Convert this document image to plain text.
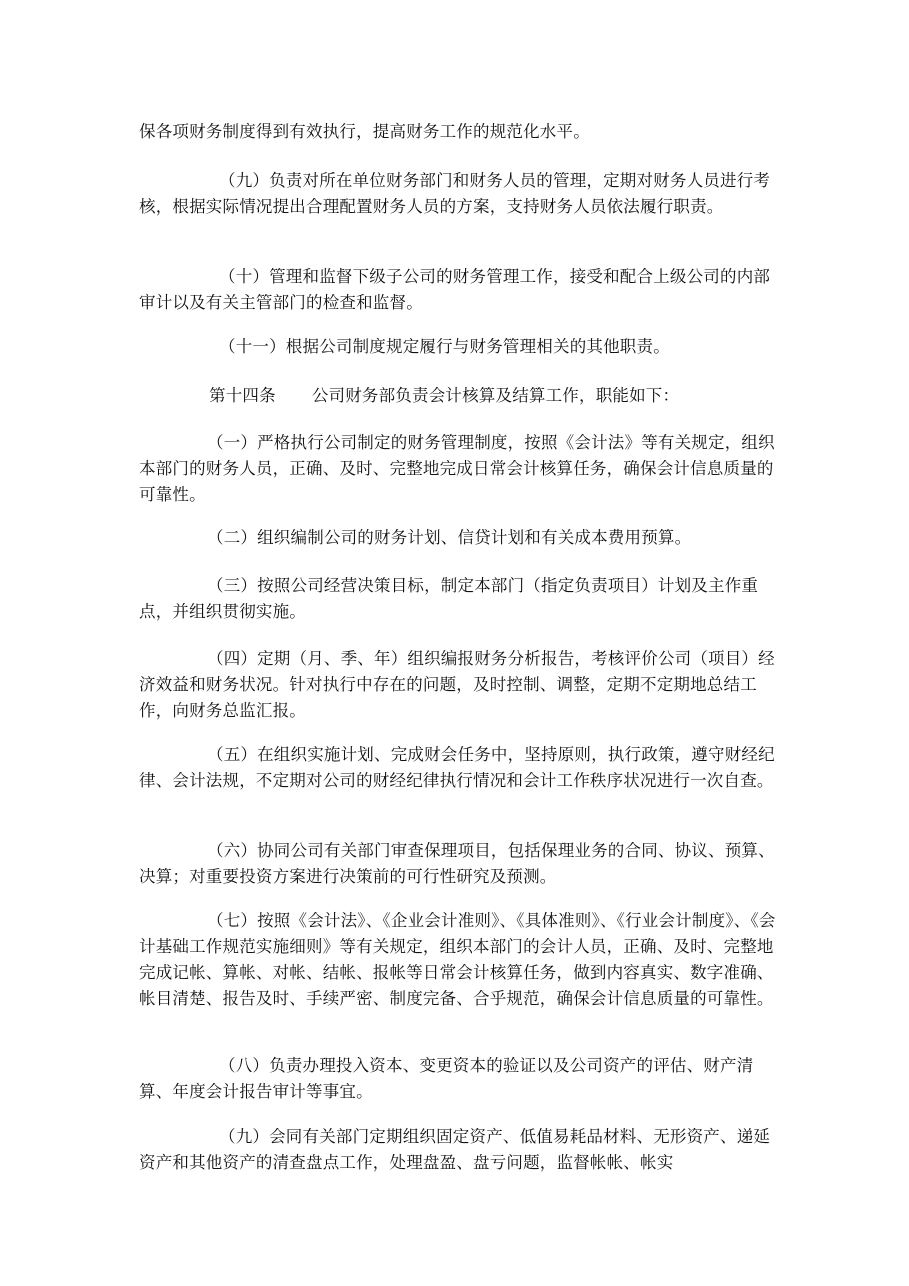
保各项财务制度得到有效执行，提高财务工作的规范化水平。

（九）负责对所在单位财务部门和财务人员的管理，定期对财务人员进行考核，根据实际情况提出合理配置财务人员的方案，支持财务人员依法履行职责。

（十）管理和监督下级子公司的财务管理工作，接受和配合上级公司的内部审计以及有关主管部门的检查和监督。

（十一）根据公司制度规定履行与财务管理相关的其他职责。

第十四条 公司财务部负责会计核算及结算工作，职能如下：

（一）严格执行公司制定的财务管理制度，按照《会计法》等有关规定，组织本部门的财务人员，正确、及时、完整地完成日常会计核算任务，确保会计信息质量的可靠性。

（二）组织编制公司的财务计划、信贷计划和有关成本费用预算。

（三）按照公司经营决策目标，制定本部门（指定负责项目）计划及主作重点，并组织贯彻实施。

（四）定期（月、季、年）组织编报财务分析报告，考核评价公司（项目）经济效益和财务状况。针对执行中存在的问题，及时控制、调整，定期不定期地总结工作，向财务总监汇报。

（五）在组织实施计划、完成财会任务中，坚持原则，执行政策，遵守财经纪律、会计法规，不定期对公司的财经纪律执行情况和会计工作秩序状况进行一次自查。

（六）协同公司有关部门审查保理项目，包括保理业务的合同、协议、预算、决算；对重要投资方案进行决策前的可行性研究及预测。

（七）按照《会计法》、《企业会计准则》、《具体准则》、《行业会计制度》、《会计基础工作规范实施细则》等有关规定，组织本部门的会计人员，正确、及时、完整地完成记帐、算帐、对帐、结帐、报帐等日常会计核算任务，做到内容真实、数字准确、帐目清楚、报告及时、手续严密、制度完备、合乎规范，确保会计信息质量的可靠性。

（八）负责办理投入资本、变更资本的验证以及公司资产的评估、财产清算、年度会计报告审计等事宜。

（九）会同有关部门定期组织固定资产、低值易耗品材料、无形资产、递延资产和其他资产的清查盘点工作，处理盘盈、盘亏问题，监督帐帐、帐实
